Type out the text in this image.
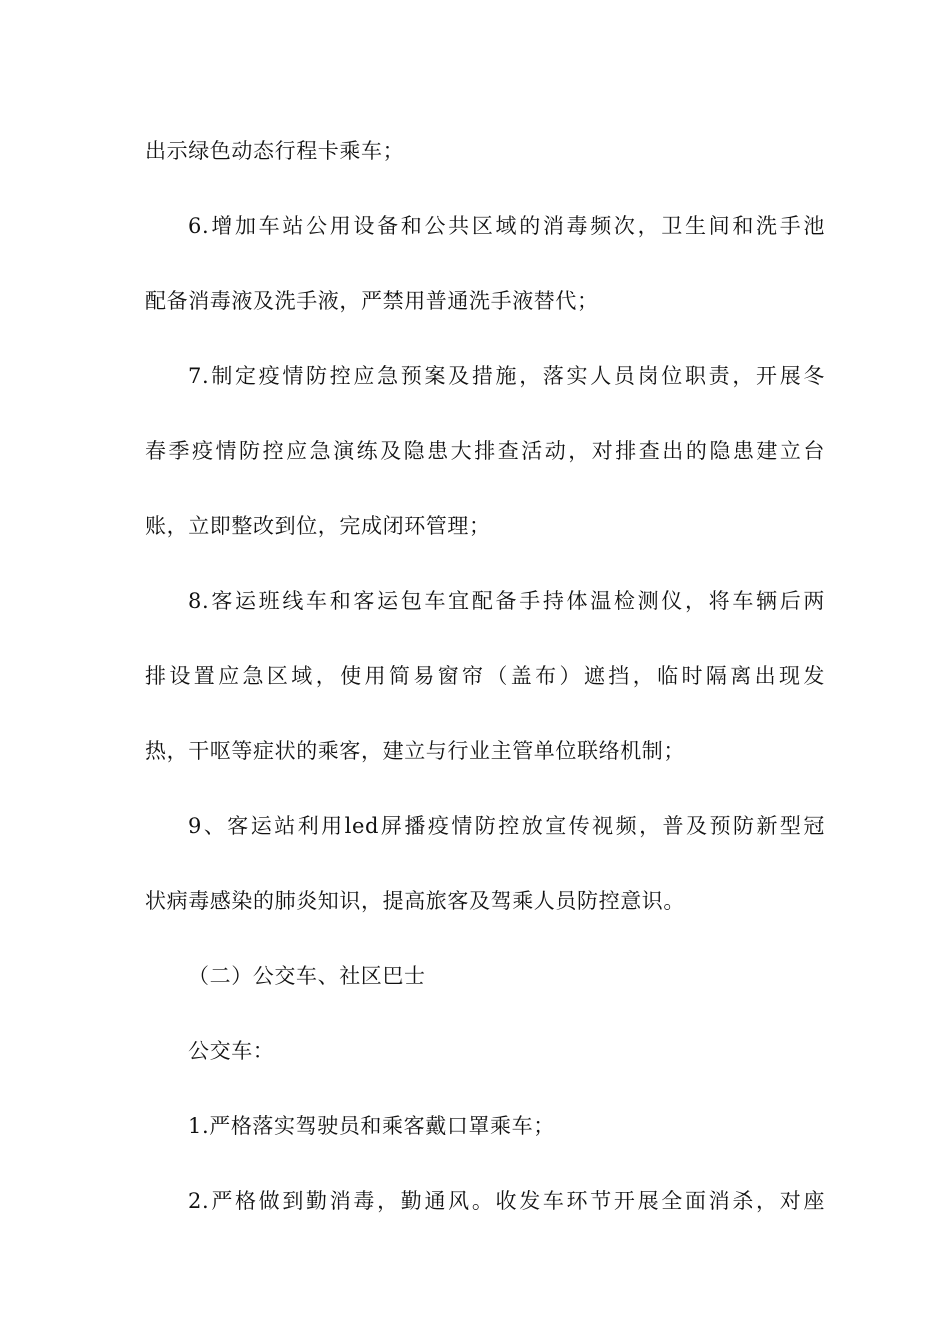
出示绿色动态行程卡乘车；
6.增加车站公用设备和公共区域的消毒频次，卫生间和洗手池
配备消毒液及洗手液，严禁用普通洗手液替代；
7.制定疫情防控应急预案及措施，落实人员岗位职责，开展冬
春季疫情防控应急演练及隐患大排查活动，对排查出的隐患建立台
账，立即整改到位，完成闭环管理；
8.客运班线车和客运包车宜配备手持体温检测仪，将车辆后两
排设置应急区域，使用简易窗帘（盖布）遮挡，临时隔离出现发
热，干呕等症状的乘客，建立与行业主管单位联络机制；
9、客运站利用led屏播疫情防控放宣传视频，普及预防新型冠
状病毒感染的肺炎知识，提高旅客及驾乘人员防控意识。
（二）公交车、社区巴士
公交车：
1.严格落实驾驶员和乘客戴口罩乘车；
2.严格做到勤消毒，勤通风。收发车环节开展全面消杀，对座
